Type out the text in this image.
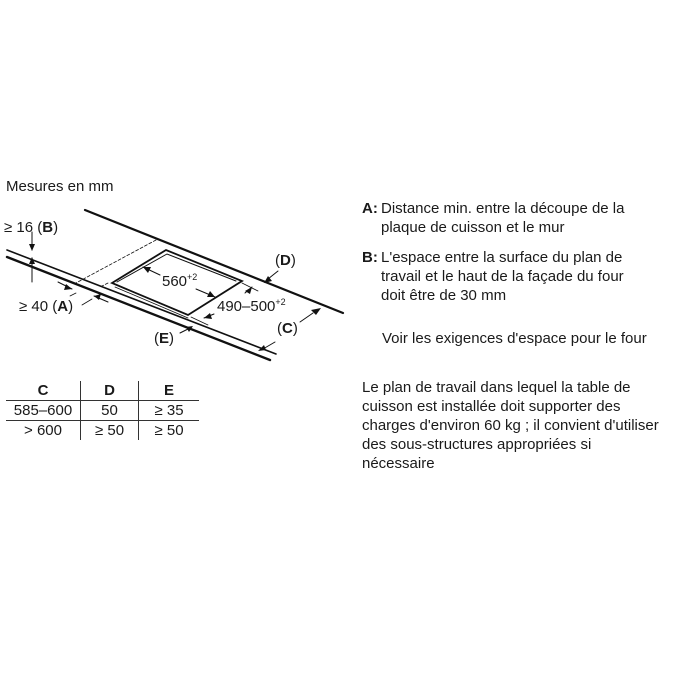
Mesures en mm
≥ 16 (B)
≥ 40 (A)
(D)
(E)
(C)
$560^{+2}$
$490-500^{+2}$
C	D	E
585–600	50	≥ 35
> 600	≥ 50	≥ 50
A: Distance min. entre la découpe de la
plaque de cuisson et le mur
B: L'espace entre la surface du plan de
travail et le haut de la façade du four
doit être de 30 mm
Voir les exigences d'espace pour le four
Le plan de travail dans lequel la table de
cuisson est installée doit supporter des
charges d'environ 60 kg ; il convient d'utiliser
des sous-structures appropriées si
nécessaire
